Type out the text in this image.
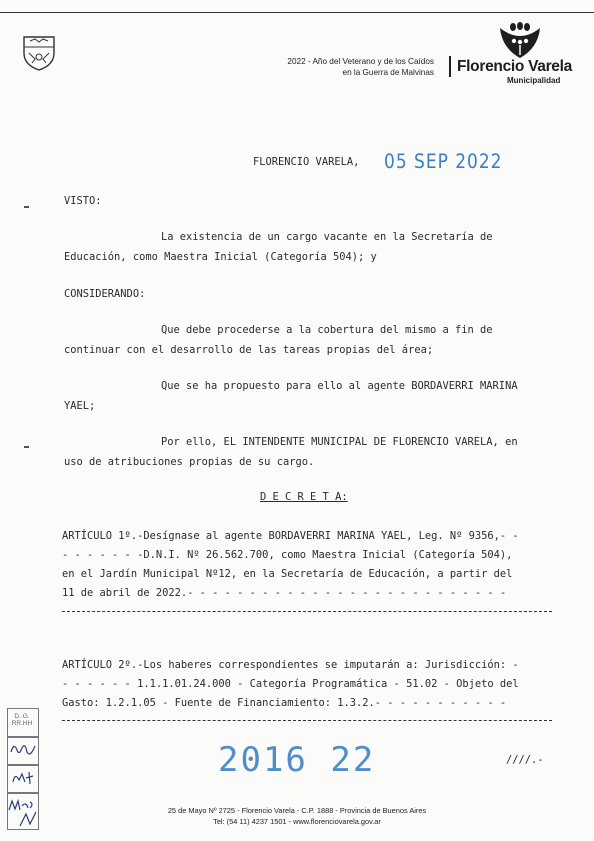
2022 - Año del Veterano y de los Caídos
en la Guerra de Malvinas Florencio Varela
Municipalidad
FLORENCIO VARELA, 05 SEP 2022
VISTO:
La existencia de un cargo vacante en la Secretaría de
Educación, como Maestra Inicial (Categoría 504); y
CONSIDERANDO:
Que debe procederse a la cobertura del mismo a fin de
continuar con el desarrollo de las tareas propias del área;
Que se ha propuesto para ello al agente BORDAVERRI MARINA
YAEL;
Por ello, EL INTENDENTE MUNICIPAL DE FLORENCIO VARELA, en
uso de atribuciones propias de su cargo.
D E C R E T A:
ARTÍCULO 1º.-Desígnase al agente BORDAVERRI MARINA YAEL, Leg. Nº 9356,- -
- - - - - - -D.N.I. Nº 26.562.700, como Maestra Inicial (Categoría 504),
en el Jardín Municipal Nº12, en la Secretaría de Educación, a partir del
11 de abril de 2022.- - - - - - - - - - - - - - - - - - - - - - - - - -
ARTÍCULO 2º.-Los haberes correspondientes se imputarán a: Jurisdicción: -
- - - - - - 1.1.1.01.24.000 - Categoría Programática - 51.02 - Objeto del
Gasto: 1.2.1.05 - Fuente de Financiamiento: 1.3.2.- - - - - - - - - - -
2016 22	////.-
D. G.
RR.HH
25 de Mayo Nº 2725 - Florencio Varela - C.P. 1888 - Provincia de Buenos Aires
Tel: (54 11) 4237 1501 - www.florenciovarela.gov.ar
